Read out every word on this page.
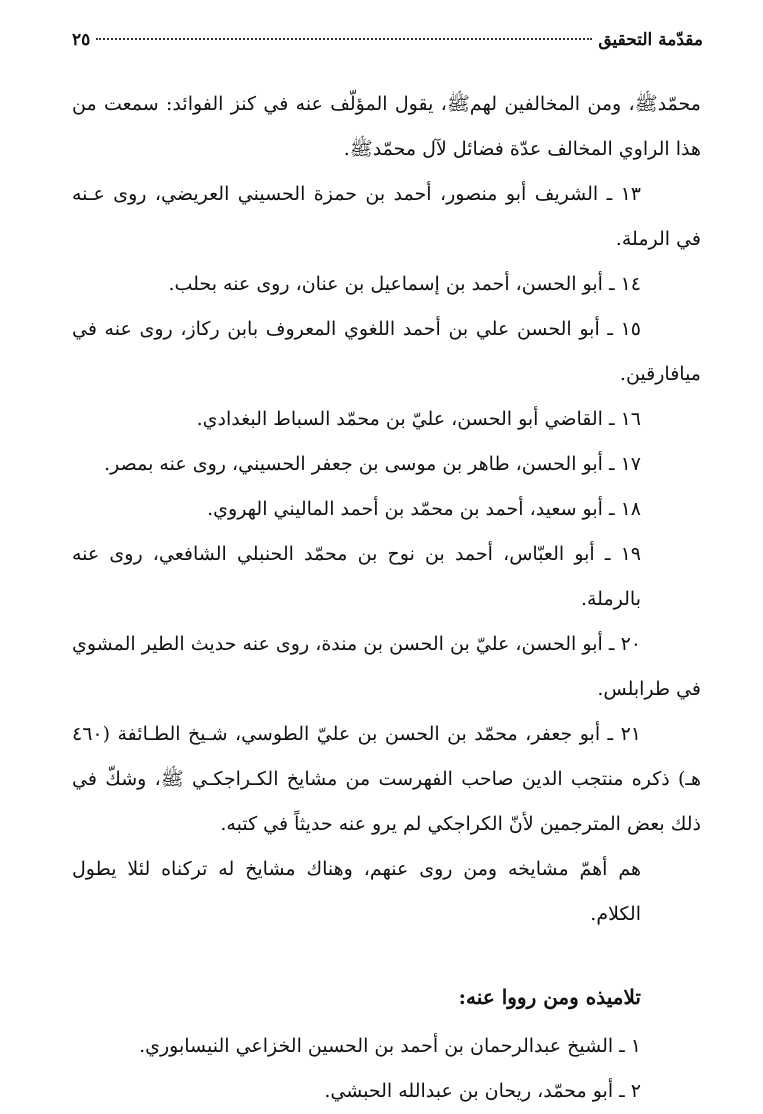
مقدّمة التحقيق
٢٥

محمّدﷺ، ومن المخالفين لهمﷺ، يقول المؤلّف عنه في كنز الفوائد: سمعت من هذا الراوي المخالف عدّة فضائل لآل محمّدﷺ.

١٣ ـ الشريف أبو منصور، أحمد بن حمزة الحسيني العريضي، روى عـنه في الرملة.

١٤ ـ أبو الحسن، أحمد بن إسماعيل بن عنان، روى عنه بحلب.

١٥ ـ أبو الحسن علي بن أحمد اللغوي المعروف بابن ركاز، روى عنه في ميافارقين.

١٦ ـ القاضي أبو الحسن، عليّ بن محمّد السباط البغدادي.

١٧ ـ أبو الحسن، طاهر بن موسى بن جعفر الحسيني، روى عنه بمصر.

١٨ ـ أبو سعيد، أحمد بن محمّد بن أحمد الماليني الهروي.

١٩ ـ أبو العبّاس، أحمد بن نوح بن محمّد الحنبلي الشافعي، روى عنه بالرملة.

٢٠ ـ أبو الحسن، عليّ بن الحسن بن مندة، روى عنه حديث الطير المشوي في طرابلس.

٢١ ـ أبو جعفر، محمّد بن الحسن بن عليّ الطوسي، شـيخ الطـائفة (٤٦٠ هـ) ذكره منتجب الدين صاحب الفهرست من مشايخ الكـراجكـي ﷺ، وشكّ في ذلك بعض المترجمين لأنّ الكراجكي لم يرو عنه حديثاً في كتبه.

هم أهمّ مشايخه ومن روى عنهم، وهناك مشايخ له تركناه لئلا يطول الكلام.

تلاميذه ومن رووا عنه:

١ ـ الشيخ عبدالرحمان بن أحمد بن الحسين الخزاعي النيسابوري.

٢ ـ أبو محمّد، ريحان بن عبدالله الحبشي.
